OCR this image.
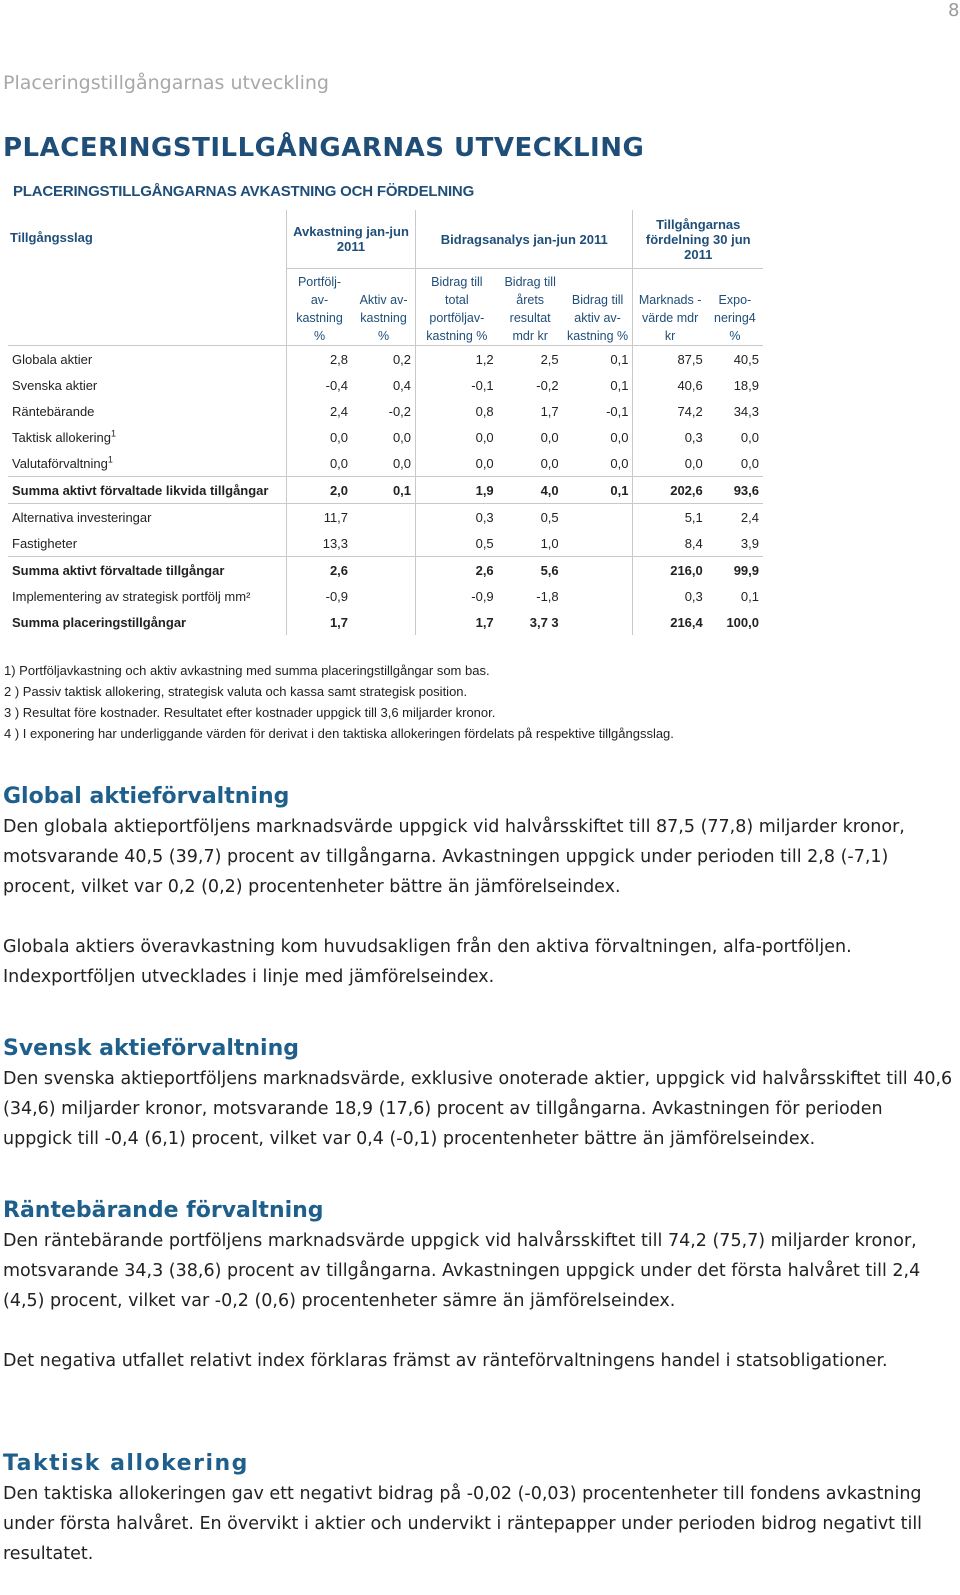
8
Placeringstillgångarnas utveckling
PLACERINGSTILLGÅNGARNAS UTVECKLING
PLACERINGSTILLGÅNGARNAS AVKASTNING OCH FÖRDELNING
Tillgångsslag	Avkastning jan-jun 2011		Bidragsanalys jan-jun 2011			Tillgångarnas fördelning 30 jun 2011	
	Portfölj- av- kastning %	Aktiv av- kastning %	Bidrag till total portföljav- kastning %	Bidrag till årets resultat mdr kr	Bidrag till aktiv av- kastning %	Marknads - värde mdr kr	Expo- nering4 %
Globala aktier	2,8	0,2	1,2	2,5	0,1	87,5	40,5
Svenska aktier	-0,4	0,4	-0,1	-0,2	0,1	40,6	18,9
Räntebärande	2,4	-0,2	0,8	1,7	-0,1	74,2	34,3
Taktisk allokering$^1$	0,0	0,0	0,0	0,0	0,0	0,3	0,0
Valutaförvaltning$^1$	0,0	0,0	0,0	0,0	0,0	0,0	0,0
Summa aktivt förvaltade likvida tillgångar	2,0	0,1	1,9	4,0	0,1	202,6	93,6
Alternativa investeringar	11,7		0,3	0,5		5,1	2,4
Fastigheter	13,3		0,5	1,0		8,4	3,9
Summa aktivt förvaltade tillgångar	2,6		2,6	5,6		216,0	99,9
Implementering av strategisk portfölj mm²	-0,9		-0,9	-1,8		0,3	0,1
Summa placeringstillgångar	1,7		1,7	3,7 3		216,4	100,0
1) Portföljavkastning och aktiv avkastning med summa placeringstillgångar som bas.
2 ) Passiv taktisk allokering, strategisk valuta och kassa samt strategisk position.
3 ) Resultat före kostnader. Resultatet efter kostnader uppgick till 3,6 miljarder kronor.
4 ) I exponering har underliggande värden för derivat i den taktiska allokeringen fördelats på respektive tillgångsslag.
Global aktieförvaltning

Den globala aktieportföljens marknadsvärde uppgick vid halvårsskiftet till 87,5 (77,8) miljarder kronor, motsvarande 40,5 (39,7) procent av tillgångarna. Avkastningen uppgick under perioden till 2,8 (-7,1) procent, vilket var 0,2 (0,2) procentenheter bättre än jämförelseindex.

Globala aktiers överavkastning kom huvudsakligen från den aktiva förvaltningen, alfa-portföljen. Indexportföljen utvecklades i linje med jämförelseindex.

Svensk aktieförvaltning

Den svenska aktieportföljens marknadsvärde, exklusive onoterade aktier, uppgick vid halvårsskiftet till 40,6 (34,6) miljarder kronor, motsvarande 18,9 (17,6) procent av tillgångarna. Avkastningen för perioden uppgick till -0,4 (6,1) procent, vilket var 0,4 (-0,1) procentenheter bättre än jämförelseindex.

Räntebärande förvaltning

Den räntebärande portföljens marknadsvärde uppgick vid halvårsskiftet till 74,2 (75,7) miljarder kronor, motsvarande 34,3 (38,6) procent av tillgångarna. Avkastningen uppgick under det första halvåret till 2,4 (4,5) procent, vilket var -0,2 (0,6) procentenheter sämre än jämförelseindex.

Det negativa utfallet relativt index förklaras främst av ränteförvaltningens handel i statsobligationer.

Taktisk allokering

Den taktiska allokeringen gav ett negativt bidrag på -0,02 (-0,03) procentenheter till fondens avkastning under första halvåret. En övervikt i aktier och undervikt i räntepapper under perioden bidrog negativt till resultatet.
